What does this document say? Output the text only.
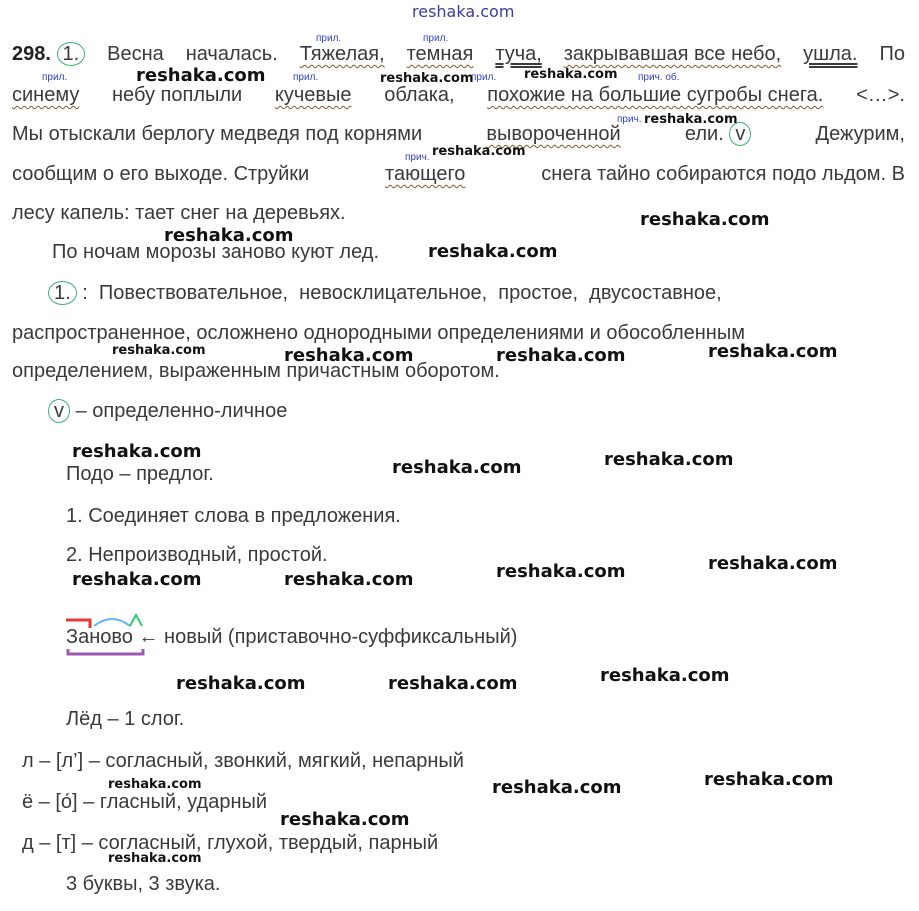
reshaka.com
прил.	прил.
прил.	прил.	прил.	прич. об.
прич.
прич.
298. 1.	Весна началась. Тяжелая, темная туча, закрывавшая все небо, ушла. По
синему небу поплыли кучевые облака, похожие на большие сугробы снега. <…>.
Мы отыскали берлогу медведя под корнями	вывороченной	ели. v	Дежурим,
сообщим о его выходе. Струйки	тающего	снега тайно собираются подо льдом. В
лесу капель: тает снег на деревьях.
По ночам морозы заново куют лед.
1. :  Повествовательное,  невосклицательное,  простое,  двусоставное,
распространенное, осложнено однородными определениями и обособленным
определением, выраженным причастным оборотом.
v – определенно-личное
Подо – предлог.
1. Соединяет слова в предложения.
2. Непроизводный, простой.
Заново ← новый (приставочно-суффиксальный)
Лёд – 1 слог.
л – [л’] – согласный, звонкий, мягкий, непарный
ё – [о́] – гласный, ударный
д – [т] – согласный, глухой, твердый, парный
3 буквы, 3 звука.
reshaka.com	reshaka.com	reshaka.com
reshaka.com
reshaka.com
reshaka.com
reshaka.com
reshaka.com
reshaka.com	reshaka.com	reshaka.com	reshaka.com
reshaka.com
reshaka.com	reshaka.com
reshaka.com	reshaka.com	reshaka.com	reshaka.com
reshaka.com	reshaka.com	reshaka.com
reshaka.com	reshaka.com	reshaka.com
reshaka.com
reshaka.com
